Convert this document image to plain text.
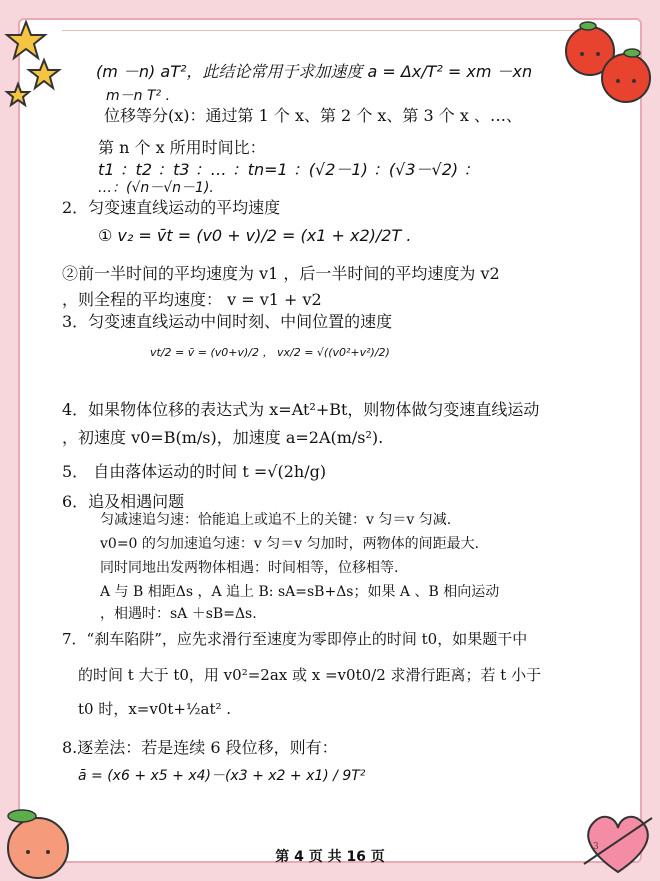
(m －n) aT²，此结论常用于求加速度 a = Δx/T² = xm －xn
m－n T² .
位移等分(x)：通过第 1 个 x、第 2 个 x、第 3 个 x 、…、
第 n 个 x 所用时间比：
t1 ：t2 ：t3 ：… ：tn=1 ：(√2－1) ：(√3－√2) ：
…：(√n－√n－1).
2．匀变速直线运动的平均速度
① v₂ = v̄t = (v0 + v)/2 = (x1 + x2)/2T .
②前一半时间的平均速度为 v1 ，后一半时间的平均速度为 v2
，则全程的平均速度： v = v1 + v2
3．匀变速直线运动中间时刻、中间位置的速度
vt/2 = v̄ = (v0+v)/2 ， vx/2 = √((v0²+v²)/2)
4．如果物体位移的表达式为 x=At²+Bt，则物体做匀变速直线运动
，初速度 v0=B(m/s)，加速度 a=2A(m/s²).
5． 自由落体运动的时间 t =√(2h/g)
6．追及相遇问题
匀减速追匀速：恰能追上或追不上的关键：v 匀＝v 匀减.
v0=0 的匀加速追匀速：v 匀＝v 匀加时，两物体的间距最大.
同时同地出发两物体相遇：时间相等，位移相等.
A 与 B 相距Δs ，A 追上 B: sA=sB+Δs；如果 A 、B 相向运动
，相遇时：sA ＋sB=Δs.
7．“刹车陷阱”，应先求滑行至速度为零即停止的时间 t0，如果题干中
的时间 t 大于 t0，用 v0²=2ax 或 x =v0t0/2 求滑行距离；若 t 小于
t0 时，x=v0t+½at² .
8.逐差法：若是连续 6 段位移，则有：
ā = (x6 + x5 + x4)－(x3 + x2 + x1) / 9T²
第 4 页 共 16 页
3
